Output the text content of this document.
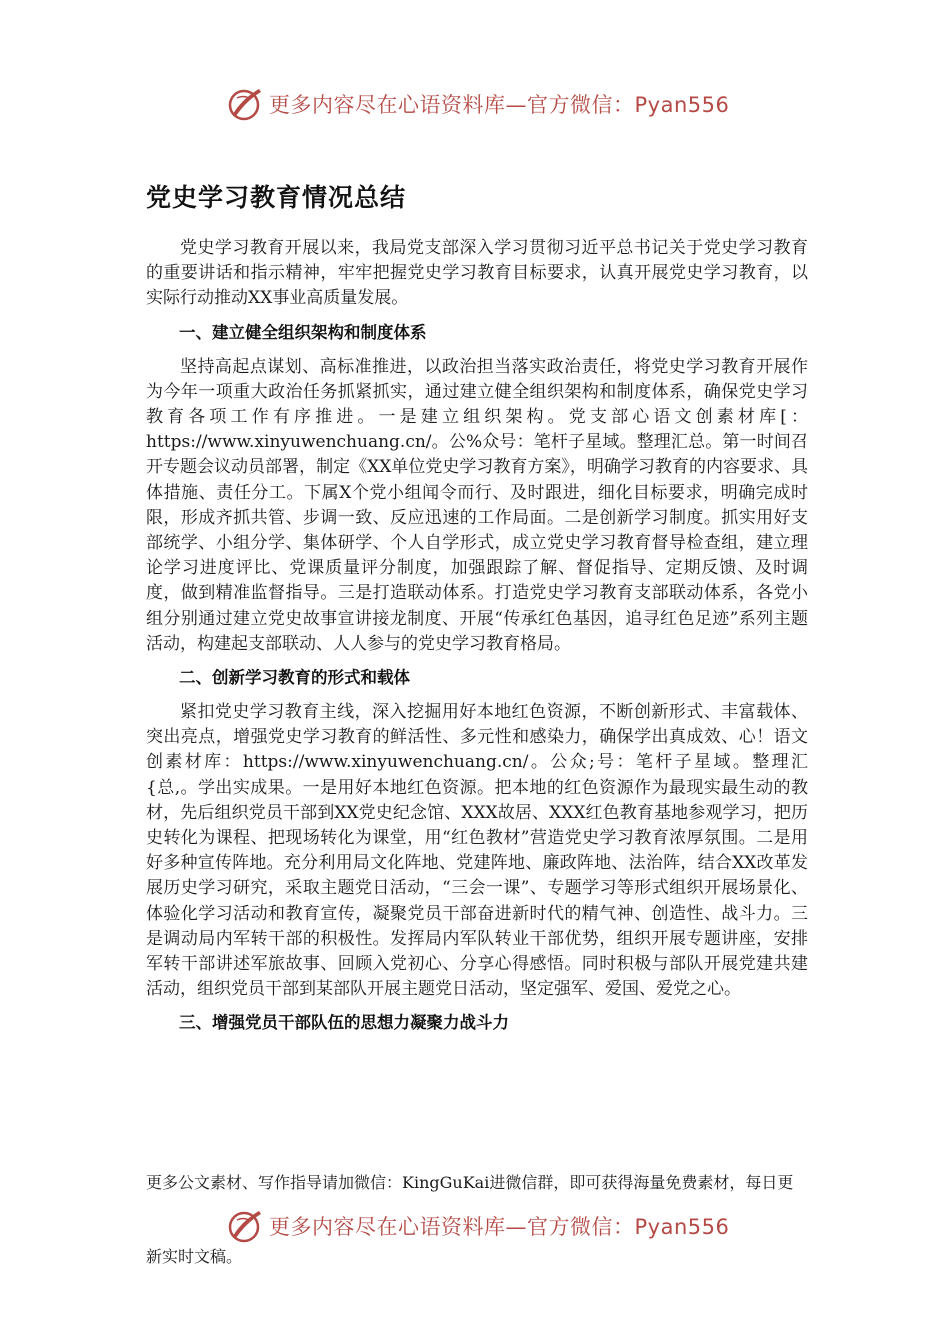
更多内容尽在心语资料库—官方微信：Pyan556
党史学习教育情况总结

党史学习教育开展以来，我局党支部深入学习贯彻习近平总书记关于党史学习教育的重要讲话和指示精神，牢牢把握党史学习教育目标要求，认真开展党史学习教育，以实际行动推动XX事业高质量发展。

一、建立健全组织架构和制度体系

坚持高起点谋划、高标准推进，以政治担当落实政治责任，将党史学习教育开展作为今年一项重大政治任务抓紧抓实，通过建立健全组织架构和制度体系，确保党史学习教育各项工作有序推进。一是建立组织架构。党支部心语文创素材库[：https://www.xinyuwenchuang.cn/。公%众号：笔杆子星域。整理汇总。第一时间召开专题会议动员部署，制定《XX单位党史学习教育方案》，明确学习教育的内容要求、具体措施、责任分工。下属X个党小组闻令而行、及时跟进，细化目标要求，明确完成时限，形成齐抓共管、步调一致、反应迅速的工作局面。二是创新学习制度。抓实用好支部统学、小组分学、集体研学、个人自学形式，成立党史学习教育督导检查组，建立理论学习进度评比、党课质量评分制度，加强跟踪了解、督促指导、定期反馈、及时调度，做到精准监督指导。三是打造联动体系。打造党史学习教育支部联动体系，各党小组分别通过建立党史故事宣讲接龙制度、开展“传承红色基因，追寻红色足迹”系列主题活动，构建起支部联动、人人参与的党史学习教育格局。

二、创新学习教育的形式和载体

紧扣党史学习教育主线，深入挖掘用好本地红色资源，不断创新形式、丰富载体、突出亮点，增强党史学习教育的鲜活性、多元性和感染力，确保学出真成效、心！语文创素材库：https://www.xinyuwenchuang.cn/。公众;号：笔杆子星域。整理汇{总,。学出实成果。一是用好本地红色资源。把本地的红色资源作为最现实最生动的教材，先后组织党员干部到XX党史纪念馆、XXX故居、XXX红色教育基地参观学习，把历史转化为课程、把现场转化为课堂，用“红色教材”营造党史学习教育浓厚氛围。二是用好多种宣传阵地。充分利用局文化阵地、党建阵地、廉政阵地、法治阵，结合XX改革发展历史学习研究，采取主题党日活动，“三会一课”、专题学习等形式组织开展场景化、体验化学习活动和教育宣传，凝聚党员干部奋进新时代的精气神、创造性、战斗力。三是调动局内军转干部的积极性。发挥局内军队转业干部优势，组织开展专题讲座，安排军转干部讲述军旅故事、回顾入党初心、分享心得感悟。同时积极与部队开展党建共建活动，组织党员干部到某部队开展主题党日活动，坚定强军、爱国、爱党之心。

三、增强党员干部队伍的思想力凝聚力战斗力
更多公文素材、写作指导请加微信：KingGuKai进微信群，即可获得海量免费素材，每日更
更多内容尽在心语资料库—官方微信：Pyan556
新实时文稿。
